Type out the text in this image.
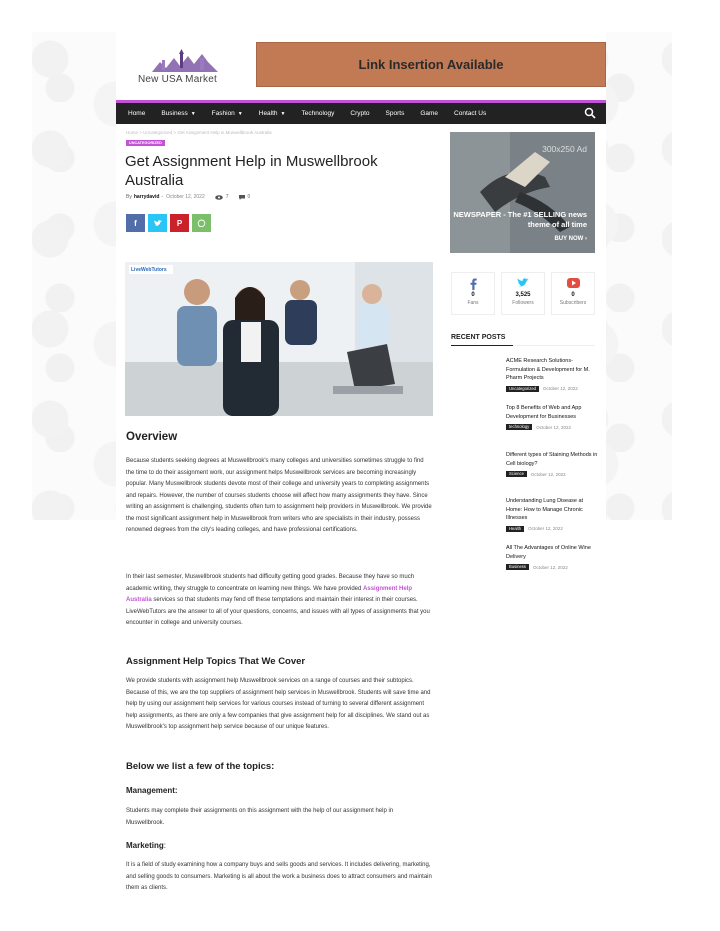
New USA Market
Link Insertion Available
Home Business ▼ Fashion ▼ Health ▼ Technology Crypto Sports Game Contact Us
Home > Uncategorized > Get Assignment Help in Muswellbrook Australia
UNCATEGORIZED
Get Assignment Help in Muswellbrook Australia
By harrydavid - October 12, 2022	7	0
f	P
LiveWebTutors
Overview

Because students seeking degrees at Muswellbrook's many colleges and universities sometimes struggle to find the time to do their assignment work, our assignment helps Muswellbrook services are becoming increasingly popular. Many Muswellbrook students devote most of their college and university years to completing assignments and repairs. However, the number of courses students choose will affect how many assignments they have. Since writing an assignment is challenging, students often turn to assignment help providers in Muswellbrook. We provide the most significant assignment help in Muswellbrook from writers who are specialists in their industry, possess renowned degrees from the city's leading colleges, and have professional certifications.

In their last semester, Muswellbrook students had difficulty getting good grades. Because they have so much academic writing, they struggle to concentrate on learning new things. We have provided Assignment Help Australia services so that students may fend off these temptations and maintain their interest in their courses. LiveWebTutors are the answer to all of your questions, concerns, and issues with all types of assignments that you encounter in college and university courses.

Assignment Help Topics That We Cover

We provide students with assignment help Muswellbrook services on a range of courses and their subtopics. Because of this, we are the top suppliers of assignment help services in Muswellbrook. Students will save time and help by using our assignment help services for various courses instead of turning to several different assignment help assignments, as there are only a few companies that give assignment help for all disciplines. We stand out as Muswellbrook's top assignment help service because of our unique features.

Below we list a few of the topics:
Management:

Students may complete their assignments on this assignment with the help of our assignment help in Muswellbrook.

Marketing:

It is a field of study examining how a company buys and sells goods and services. It includes delivering, marketing, and selling goods to consumers. Marketing is all about the work a business does to attract consumers and maintain them as clients.

300x250 Ad
NEWSPAPER - The #1 SELLING news theme of all time
BUY NOW ›
0
Fans
3,525
Followers
0
Subscribers
RECENT POSTS
ACME Research Solutions- Formulation & Development for M. Pharm Projects
Uncategorized	October 12, 2022
Top 8 Benefits of Web and App Development for Businesses
technology	October 12, 2022
Different types of Staining Methods in Cell biology?
Science	October 12, 2022
Understanding Lung Disease at Home: How to Manage Chronic Illnesses
Health	October 12, 2022
All The Advantages of Online Wine Delivery
Business	October 12, 2022
